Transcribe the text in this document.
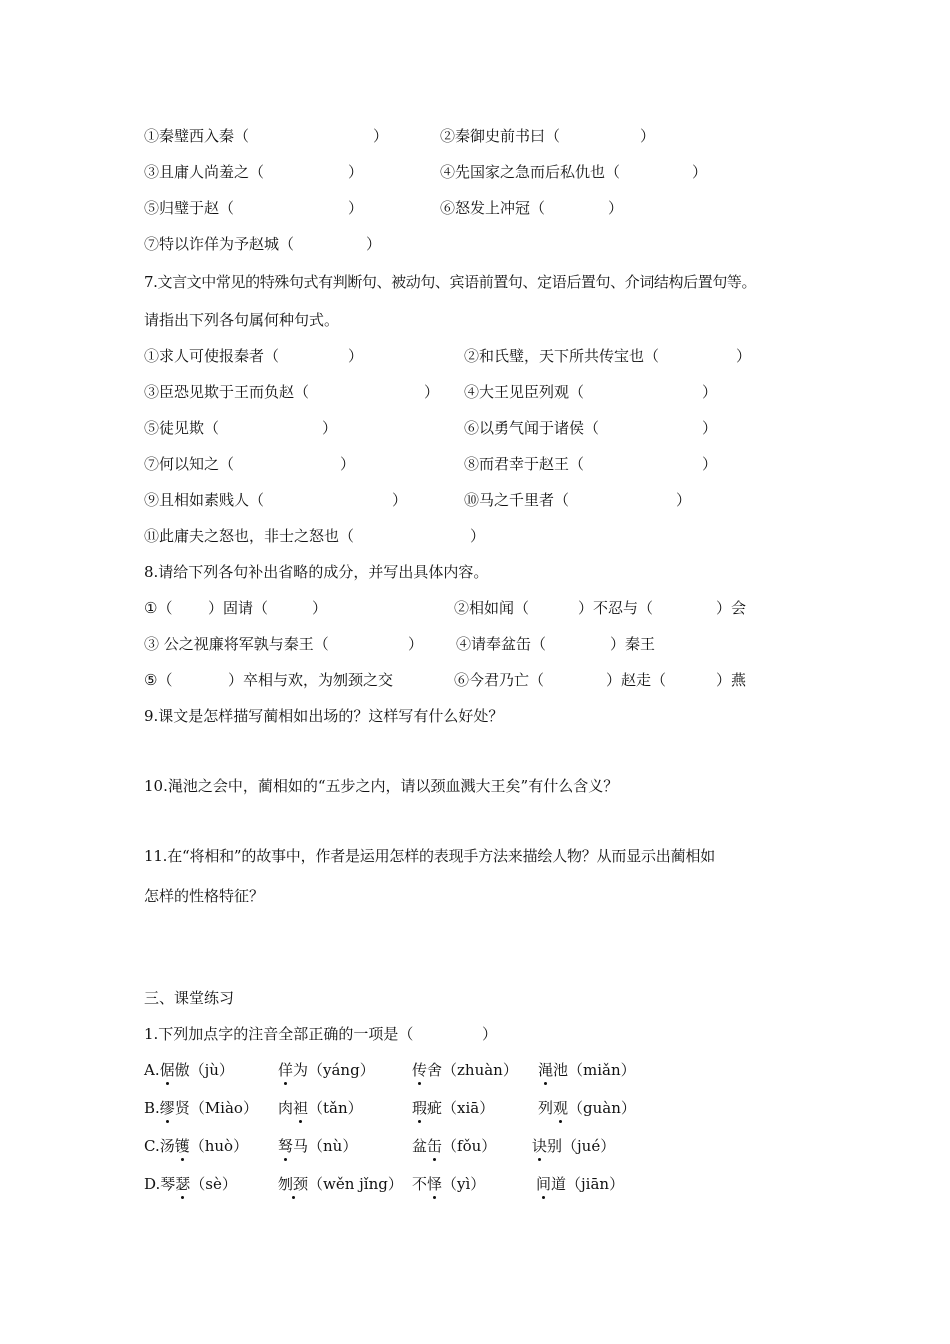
①秦璧西入秦（	）	②秦御史前书曰（	）
③且庸人尚羞之（	）	④先国家之急而后私仇也（	）
⑤归璧于赵（	）	⑥怒发上冲冠（	）
⑦特以诈佯为予赵城（	）
7.文言文中常见的特殊句式有判断句、被动句、宾语前置句、定语后置句、介词结构后置句等。
请指出下列各句属何种句式。
①求人可使报秦者（	）	②和氏璧，天下所共传宝也（	）
③臣恐见欺于王而负赵（	） ④大王见臣列观（	）
⑤徒见欺（	）	⑥以勇气闻于诸侯（	）
⑦何以知之（	）	⑧而君幸于赵王（	）
⑨且相如素贱人（	）	⑩马之千里者（	）
⑪此庸夫之怒也，非士之怒也（	）
8.请给下列各句补出省略的成分，并写出具体内容。
①（ ）固请（	）	②相如闻（	）不忍与（	）会
③ 公之视廉将军孰与秦王（	） ④请奉盆缶（	）秦王
⑤（	）卒相与欢，为刎颈之交	⑥今君乃亡（	）赵走（	）燕
9.课文是怎样描写蔺相如出场的？这样写有什么好处？
10.渑池之会中，蔺相如的“五步之内，请以颈血溅大王矣”有什么含义？
11.在“将相和”的故事中，作者是运用怎样的表现手方法来描绘人物？从而显示出蔺相如
怎样的性格特征？
三、课堂练习
1.下列加点字的注音全部正确的一项是（	）
A.倨傲（jù）	佯为（yáng） 传舍（zhuàn） 渑池（miǎn）
B.缪贤（Miào） 肉袒（tǎn）	瑕疵（xiā）	列观（guàn）
C.汤镬（huò） 驽马（nù）	盆缶（fǒu） 诀别（jué）
D.琴瑟（sè）	刎颈（wěn jǐng） 不怿（yì）	间道（jiān）
